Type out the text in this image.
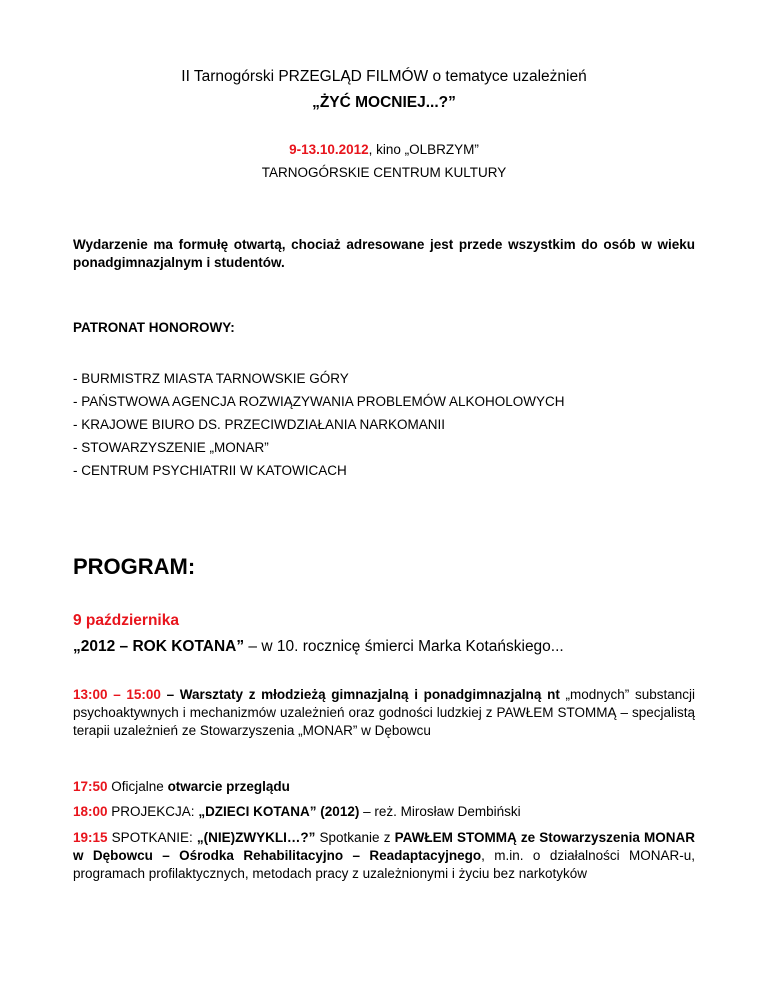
II Tarnogórski PRZEGLĄD FILMÓW o tematyce uzależnień
„ŻYĆ MOCNIEJ...?”
9-13.10.2012, kino „OLBRZYM”
TARNOGÓRSKIE CENTRUM KULTURY
Wydarzenie ma formułę otwartą, chociaż adresowane jest przede wszystkim do osób w wieku ponadgimnazjalnym i studentów.
PATRONAT HONOROWY:
- BURMISTRZ MIASTA TARNOWSKIE GÓRY
- PAŃSTWOWA AGENCJA ROZWIĄZYWANIA PROBLEMÓW ALKOHOLOWYCH
- KRAJOWE BIURO DS. PRZECIWDZIAŁANIA NARKOMANII
- STOWARZYSZENIE „MONAR”
- CENTRUM PSYCHIATRII W KATOWICACH
PROGRAM:
9 października
„2012 – ROK KOTANA” – w 10. rocznicę śmierci Marka Kotańskiego...
13:00 – 15:00 – Warsztaty z młodzieżą gimnazjalną i ponadgimnazjalną nt „modnych” substancji psychoaktywnych i mechanizmów uzależnień oraz godności ludzkiej z PAWŁEM STOMMĄ – specjalistą terapii uzależnień ze Stowarzyszenia „MONAR” w Dębowcu
17:50 Oficjalne otwarcie przeglądu
18:00 PROJEKCJA: „DZIECI KOTANA” (2012) – reż. Mirosław Dembiński
19:15 SPOTKANIE: „(NIE)ZWYKLI…?” Spotkanie z PAWŁEM STOMMĄ ze Stowarzyszenia MONAR w Dębowcu – Ośrodka Rehabilitacyjno – Readaptacyjnego, m.in. o działalności MONAR-u, programach profilaktycznych, metodach pracy z uzależnionymi i życiu bez narkotyków
